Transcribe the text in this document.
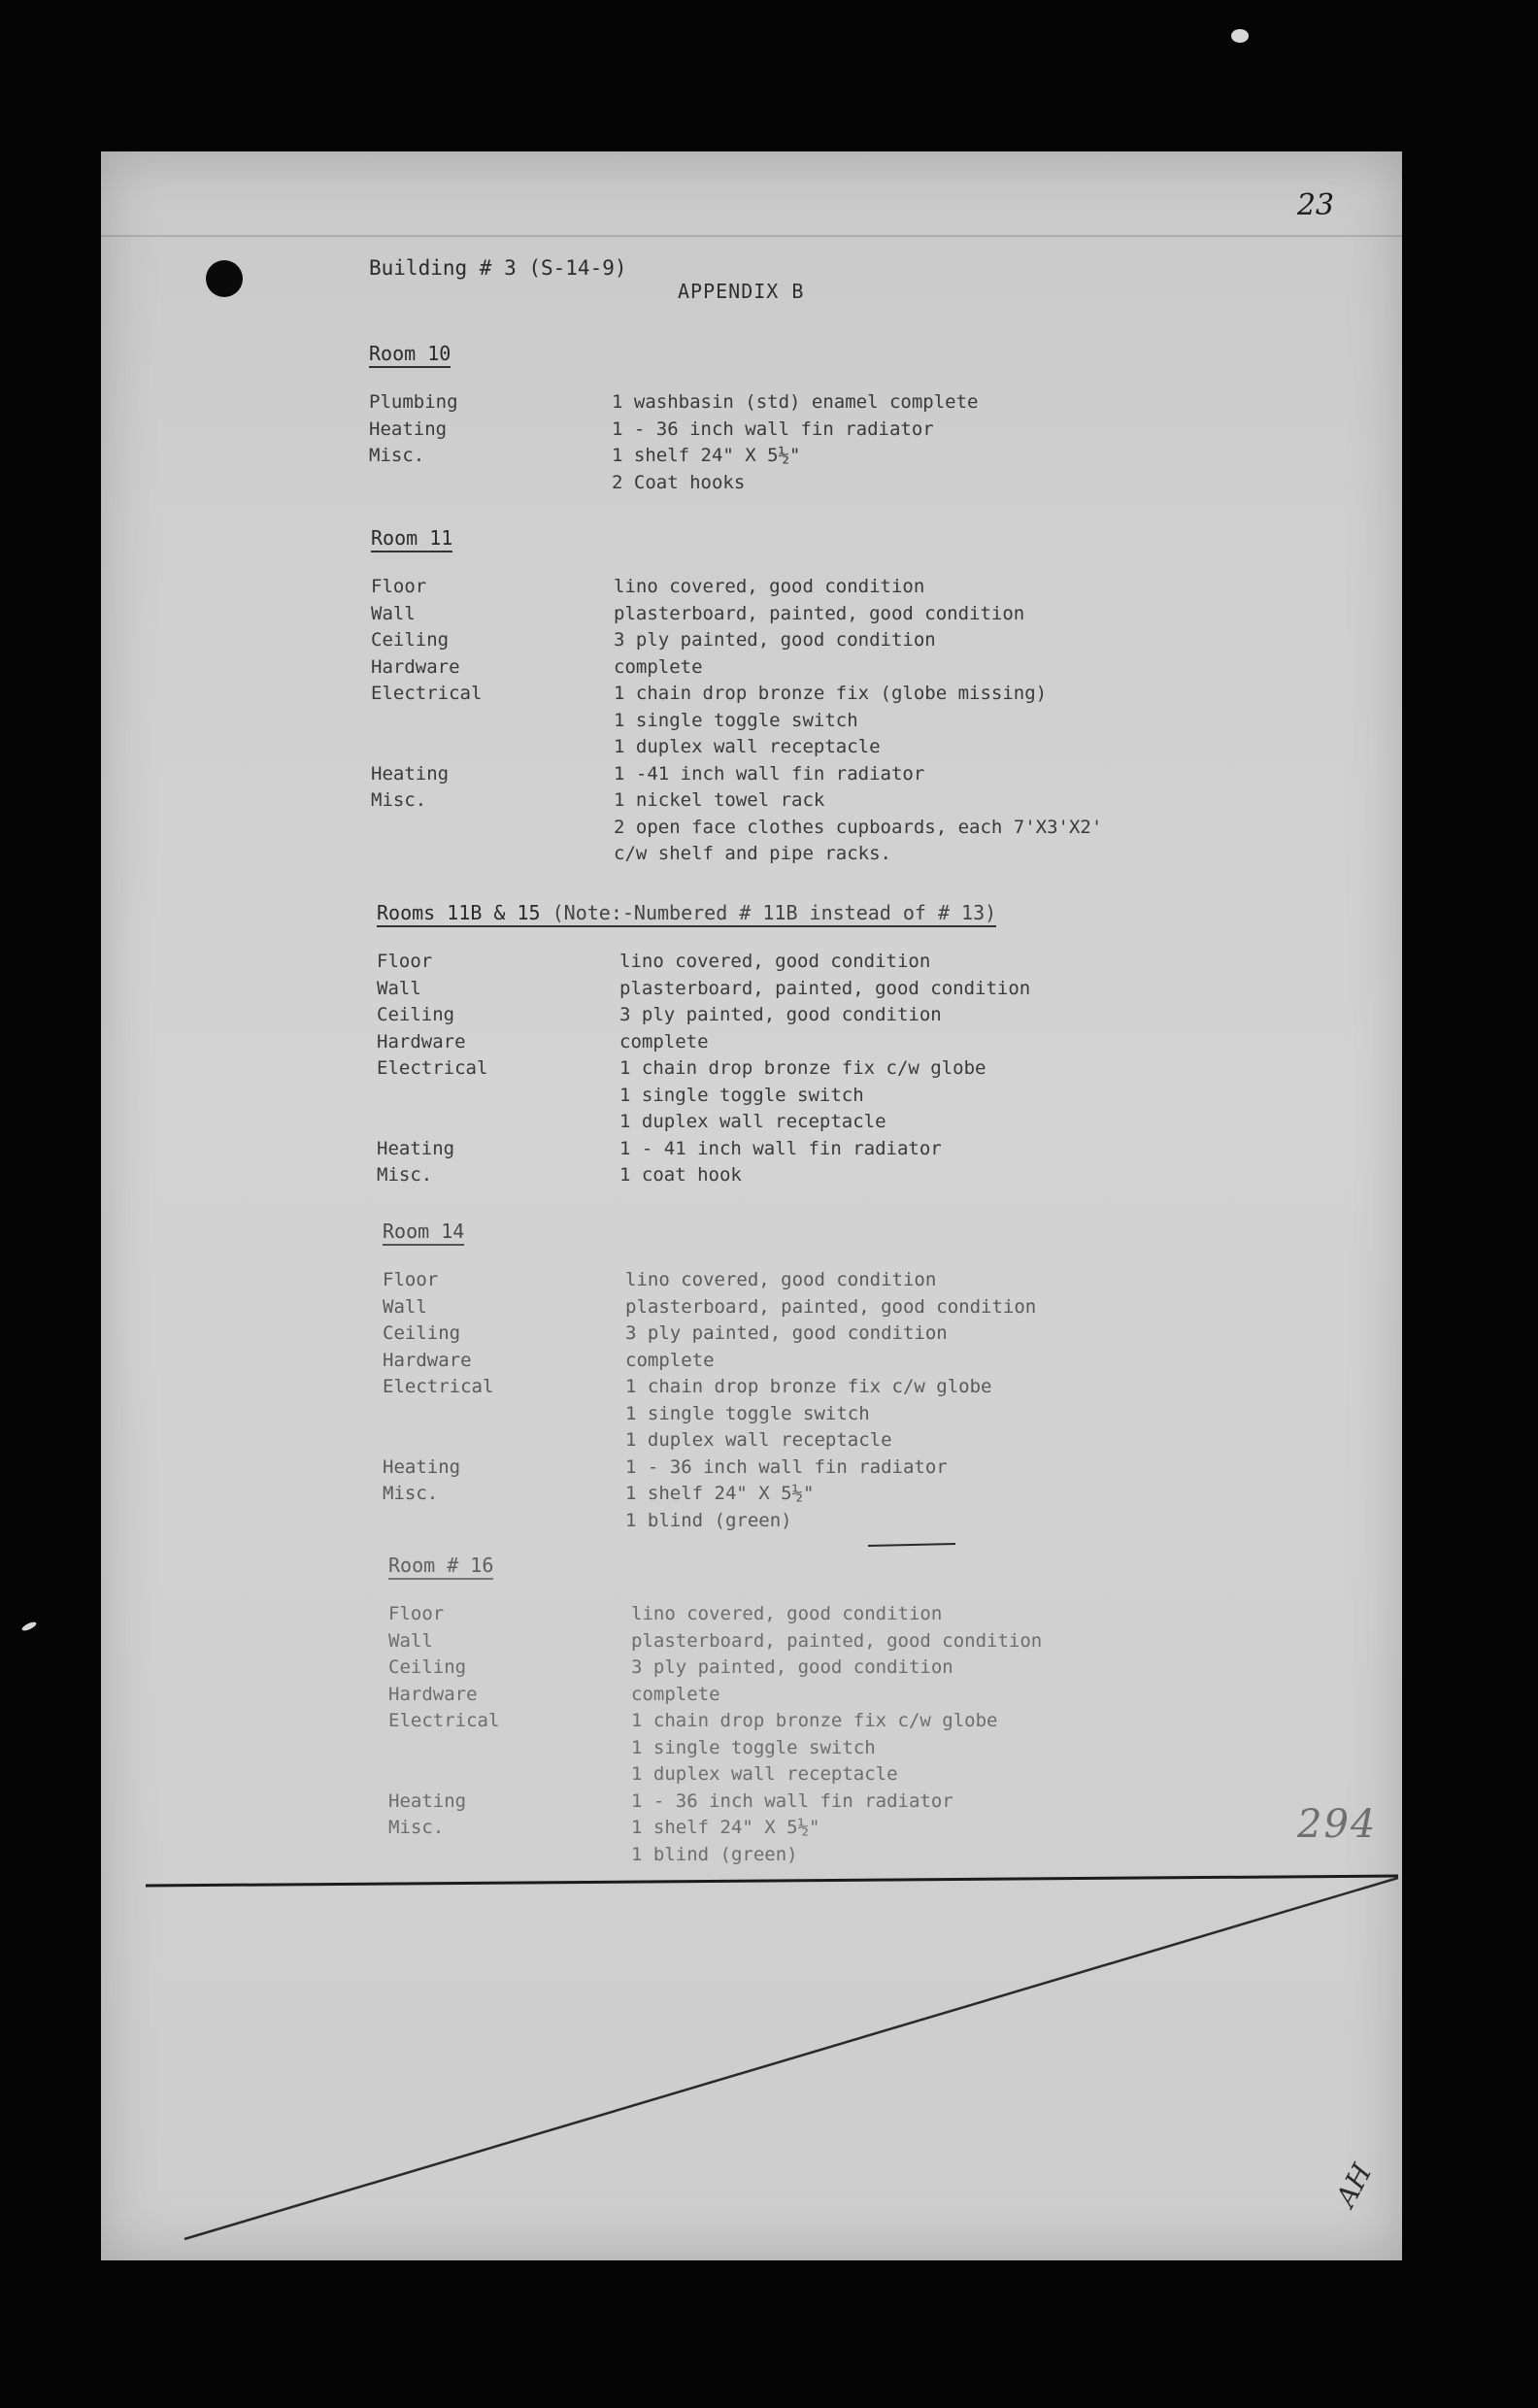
23
Building # 3 (S-14-9)
APPENDIX B
Room 10
Plumbing	1 washbasin (std) enamel complete
Heating	1 - 36 inch wall fin radiator
Misc.	1 shelf 24" X 5½"
2 Coat hooks
Room 11
Floor	lino covered, good condition
Wall	plasterboard, painted, good condition
Ceiling	3 ply painted, good condition
Hardware	complete
Electrical	1 chain drop bronze fix (globe missing)
1 single toggle switch
1 duplex wall receptacle
Heating	1 -41 inch wall fin radiator
Misc.	1 nickel towel rack
2 open face clothes cupboards, each 7'X3'X2'
c/w shelf and pipe racks.
Rooms 11B & 15 (Note:-Numbered # 11B instead of # 13)
Floor	lino covered, good condition
Wall	plasterboard, painted, good condition
Ceiling	3 ply painted, good condition
Hardware	complete
Electrical	1 chain drop bronze fix c/w globe
1 single toggle switch
1 duplex wall receptacle
Heating	1 - 41 inch wall fin radiator
Misc.	1 coat hook
Room 14
Floor	lino covered, good condition
Wall	plasterboard, painted, good condition
Ceiling	3 ply painted, good condition
Hardware	complete
Electrical	1 chain drop bronze fix c/w globe
1 single toggle switch
1 duplex wall receptacle
Heating	1 - 36 inch wall fin radiator
Misc.	1 shelf 24" X 5½"
1 blind (green)
Room # 16
Floor	lino covered, good condition
Wall	plasterboard, painted, good condition
Ceiling	3 ply painted, good condition
Hardware	complete
Electrical	1 chain drop bronze fix c/w globe
1 single toggle switch
1 duplex wall receptacle
Heating	1 - 36 inch wall fin radiator
Misc.	1 shelf 24" X 5½"
1 blind (green)
294
AH
